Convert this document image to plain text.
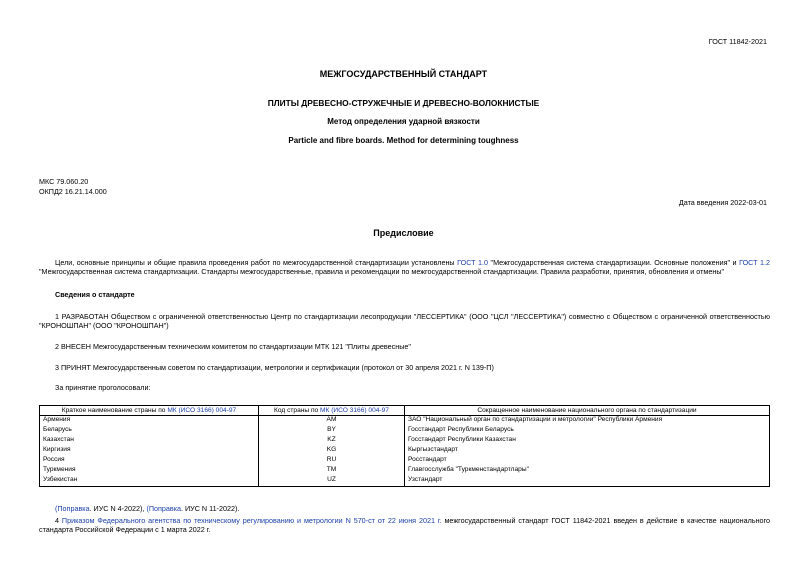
ГОСТ 11842-2021
МЕЖГОСУДАРСТВЕННЫЙ СТАНДАРТ
ПЛИТЫ ДРЕВЕСНО-СТРУЖЕЧНЫЕ И ДРЕВЕСНО-ВОЛОКНИСТЫЕ
Метод определения ударной вязкости
Particle and fibre boards. Method for determining toughness
МКС 79.060.20
ОКПД2 16.21.14.000
Дата введения 2022-03-01
Предисловие

Цели, основные принципы и общие правила проведения работ по межгосударственной стандартизации установлены ГОСТ 1.0 "Межгосударственная система стандартизации. Основные положения" и ГОСТ 1.2 "Межгосударственная система стандартизации. Стандарты межгосударственные, правила и рекомендации по межгосударственной стандартизации. Правила разработки, принятия, обновления и отмены"

Сведения о стандарте

1 РАЗРАБОТАН Обществом с ограниченной ответственностью Центр по стандартизации лесопродукции "ЛЕССЕРТИКА" (ООО "ЦСЛ "ЛЕССЕРТИКА") совместно с Обществом с ограниченной ответственностью "КРОНОШПАН" (ООО "КРОНОШПАН")

2 ВНЕСЕН Межгосударственным техническим комитетом по стандартизации МТК 121 "Плиты древесные"

3 ПРИНЯТ Межгосударственным советом по стандартизации, метрологии и сертификации (протокол от 30 апреля 2021 г. N 139-П)

За принятие проголосовали:

Краткое наименование страны по МК (ИСО 3166) 004-97	Код страны по МК (ИСО 3166) 004-97	Сокращенное наименование национального органа по стандартизации
Армения	AM	ЗАО "Национальный орган по стандартизации и метрологии" Республики Армения
Беларусь	BY	Госстандарт Республики Беларусь
Казахстан	KZ	Госстандарт Республики Казахстан
Киргизия	KG	Кыргызстандарт
Россия	RU	Росстандарт
Туркмения	TM	Главгосслужба "Туркменстандартлары"
Узбекистан	UZ	Узстандарт

(Поправка. ИУС N 4-2022), (Поправка. ИУС N 11-2022).

4 Приказом Федерального агентства по техническому регулированию и метрологии N 570-ст от 22 июня 2021 г. межгосударственный стандарт ГОСТ 11842-2021 введен в действие в качестве национального стандарта Российской Федерации с 1 марта 2022 г.
